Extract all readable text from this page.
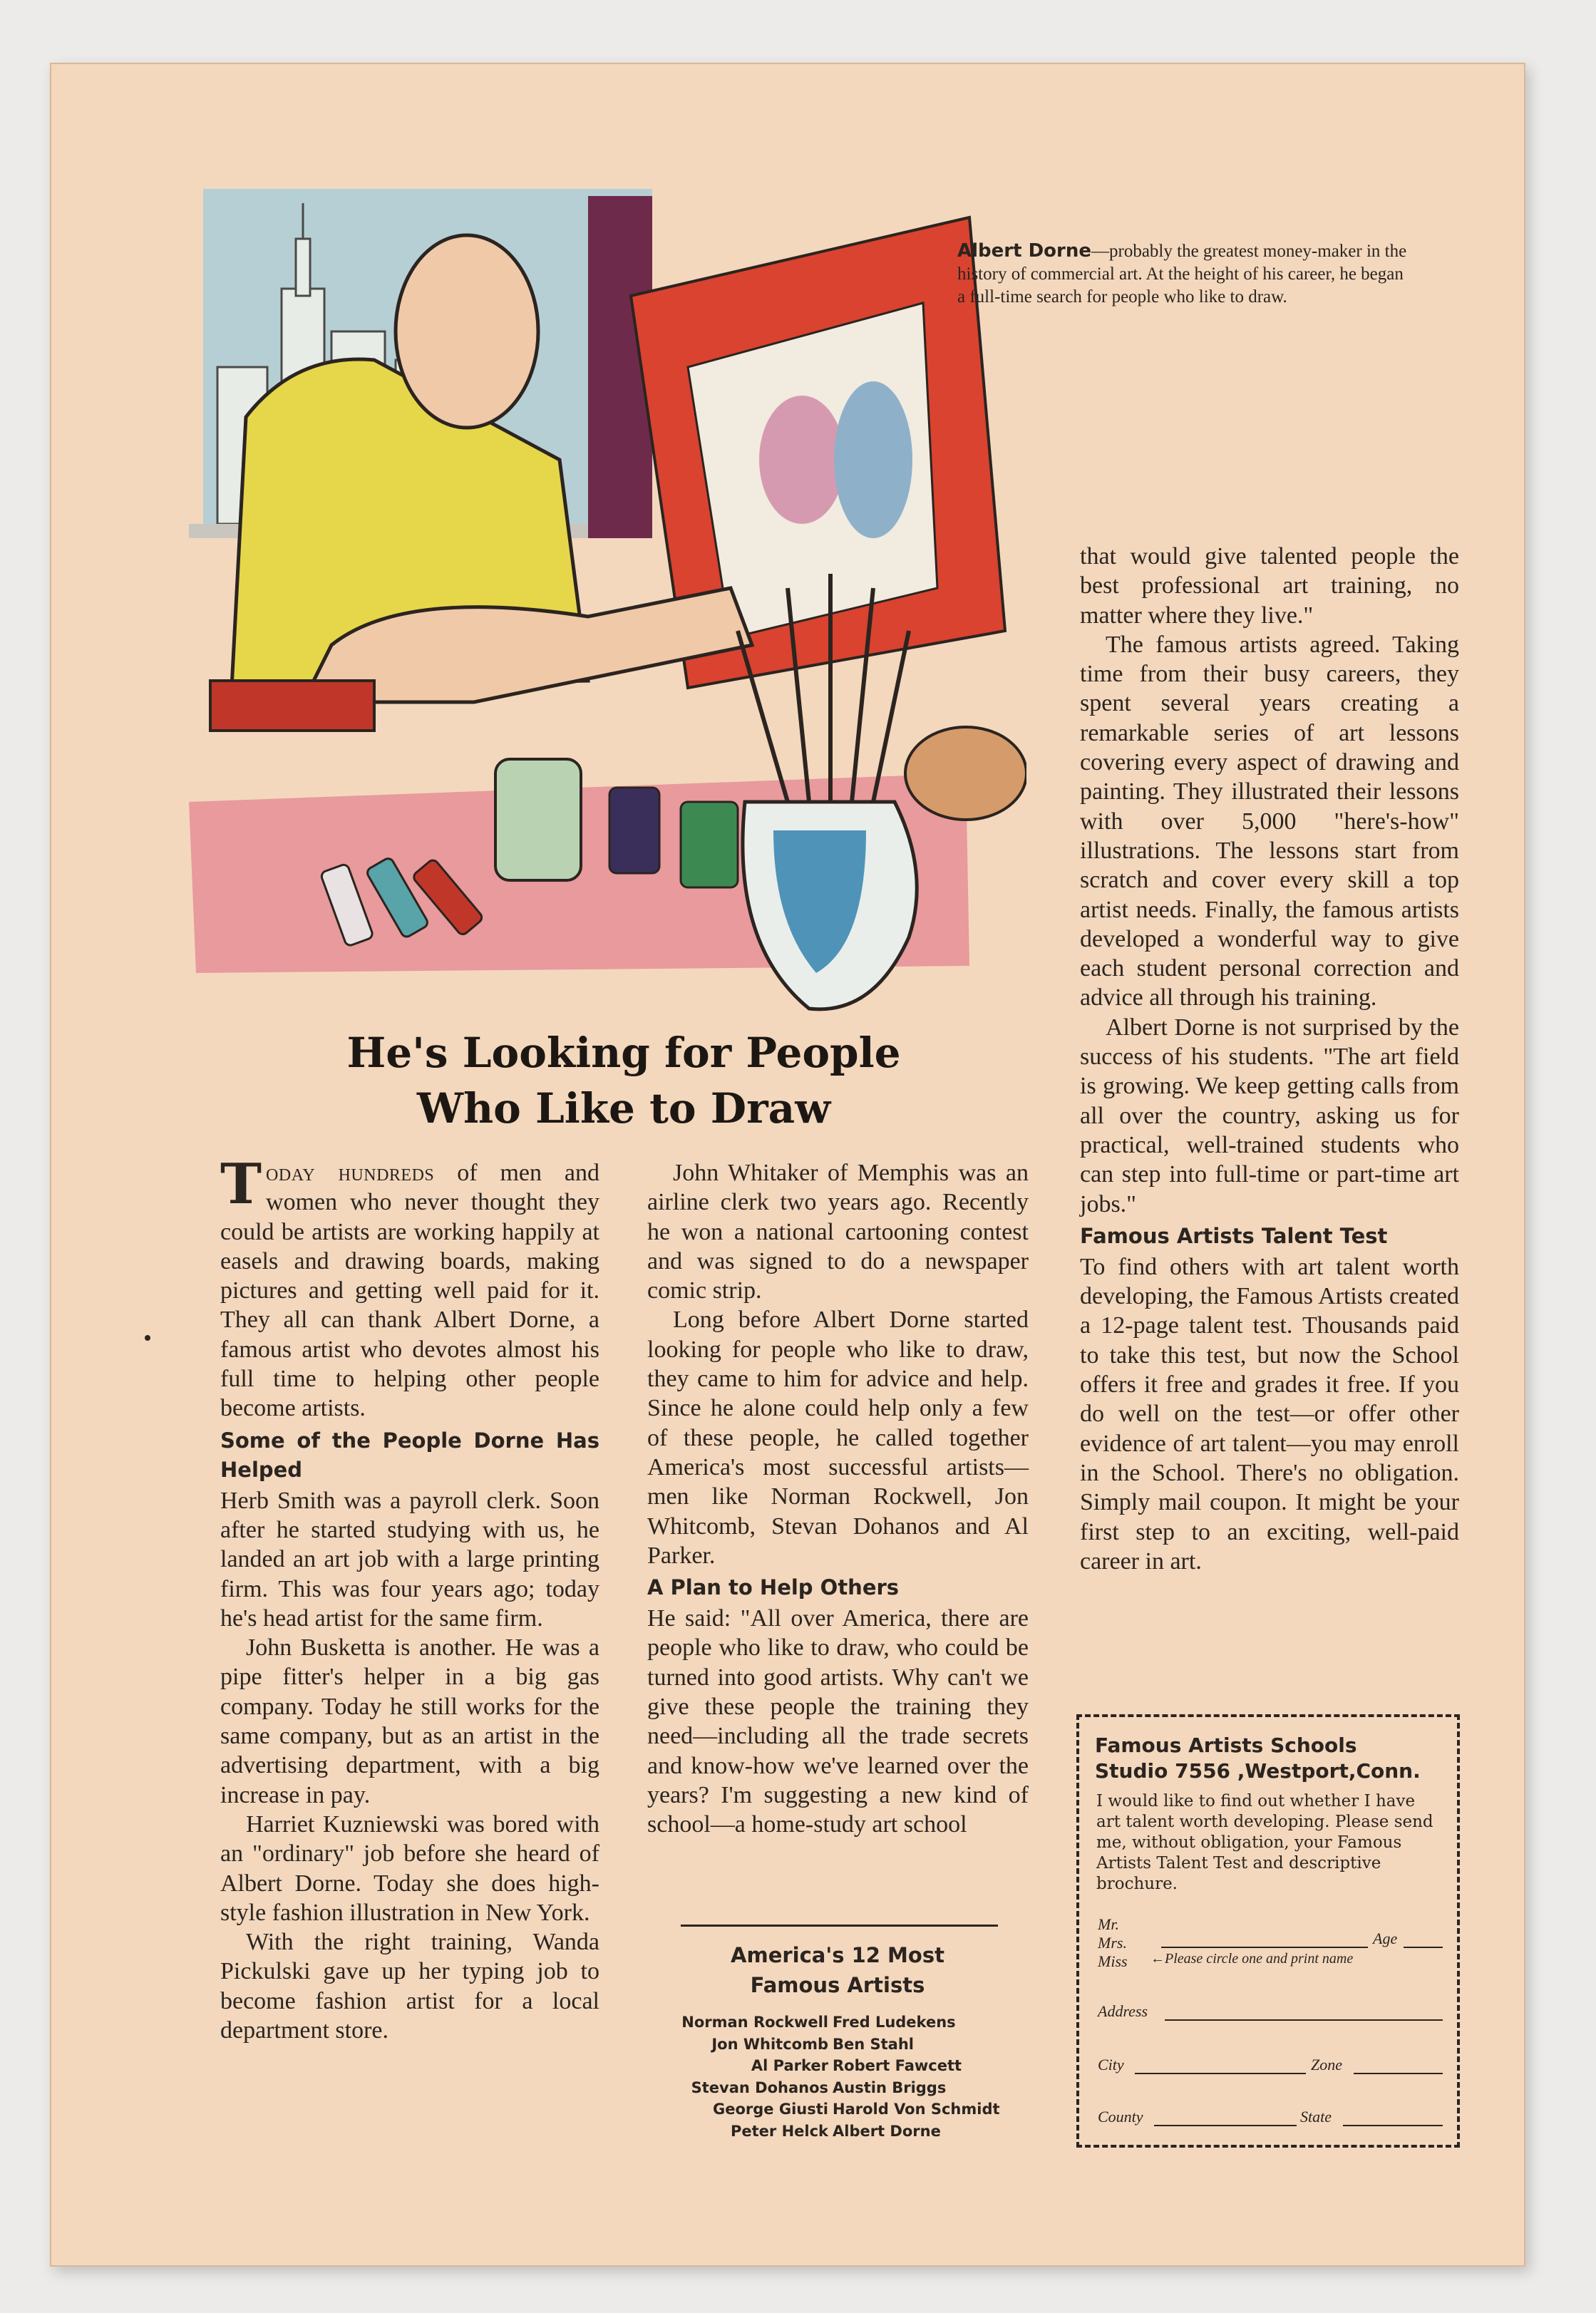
Albert Dorne—probably the greatest money-maker in the history of commercial art. At the height of his career, he began a full-time search for people who like to draw.
He's Looking for People
Who Like to Draw

Today hundreds of men and women who never thought they could be artists are working happily at easels and drawing boards, making pictures and getting well paid for it. They all can thank Albert Dorne, a famous artist who devotes almost his full time to helping other people become artists.

Some of the People Dorne Has Helped

Herb Smith was a payroll clerk. Soon after he started studying with us, he landed an art job with a large printing firm. This was four years ago; today he's head artist for the same firm.

John Busketta is another. He was a pipe fitter's helper in a big gas company. Today he still works for the same company, but as an artist in the advertising department, with a big increase in pay.

Harriet Kuzniewski was bored with an "ordinary" job before she heard of Albert Dorne. Today she does high-style fashion illustration in New York.

With the right training, Wanda Pickulski gave up her typing job to become fashion artist for a local department store.

John Whitaker of Memphis was an airline clerk two years ago. Recently he won a national cartooning contest and was signed to do a newspaper comic strip.

Long before Albert Dorne started looking for people who like to draw, they came to him for advice and help. Since he alone could help only a few of these people, he called together America's most successful artists—men like Norman Rockwell, Jon Whitcomb, Stevan Dohanos and Al Parker.

A Plan to Help Others

He said: "All over America, there are people who like to draw, who could be turned into good artists. Why can't we give these people the training they need—including all the trade secrets and know-how we've learned over the years? I'm suggesting a new kind of school—a home-study art school

America's 12 Most
Famous Artists
Norman Rockwell
Jon Whitcomb
Al Parker
Stevan Dohanos
George Giusti
Peter Helck
Fred Ludekens
Ben Stahl
Robert Fawcett
Austin Briggs
Harold Von Schmidt
Albert Dorne

that would give talented people the best professional art training, no matter where they live."

The famous artists agreed. Taking time from their busy careers, they spent several years creating a remarkable series of art lessons covering every aspect of drawing and painting. They illustrated their lessons with over 5,000 "here's-how" illustrations. The lessons start from scratch and cover every skill a top artist needs. Finally, the famous artists developed a wonderful way to give each student personal correction and advice all through his training.

Albert Dorne is not surprised by the success of his students. "The art field is growing. We keep getting calls from all over the country, asking us for practical, well-trained students who can step into full-time or part-time art jobs."

Famous Artists Talent Test

To find others with art talent worth developing, the Famous Artists created a 12-page talent test. Thousands paid to take this test, but now the School offers it free and grades it free. If you do well on the test—or offer other evidence of art talent—you may enroll in the School. There's no obligation. Simply mail coupon. It might be your first step to an exciting, well-paid career in art.

Famous Artists Schools
Studio 7556 ,Westport,Conn.
I would like to find out whether I have art talent worth developing. Please send me, without obligation, your Famous Artists Talent Test and descriptive brochure.
Mr.
Mrs.
Miss
Age
←Please circle one and print name
Address
City	Zone
County	State
